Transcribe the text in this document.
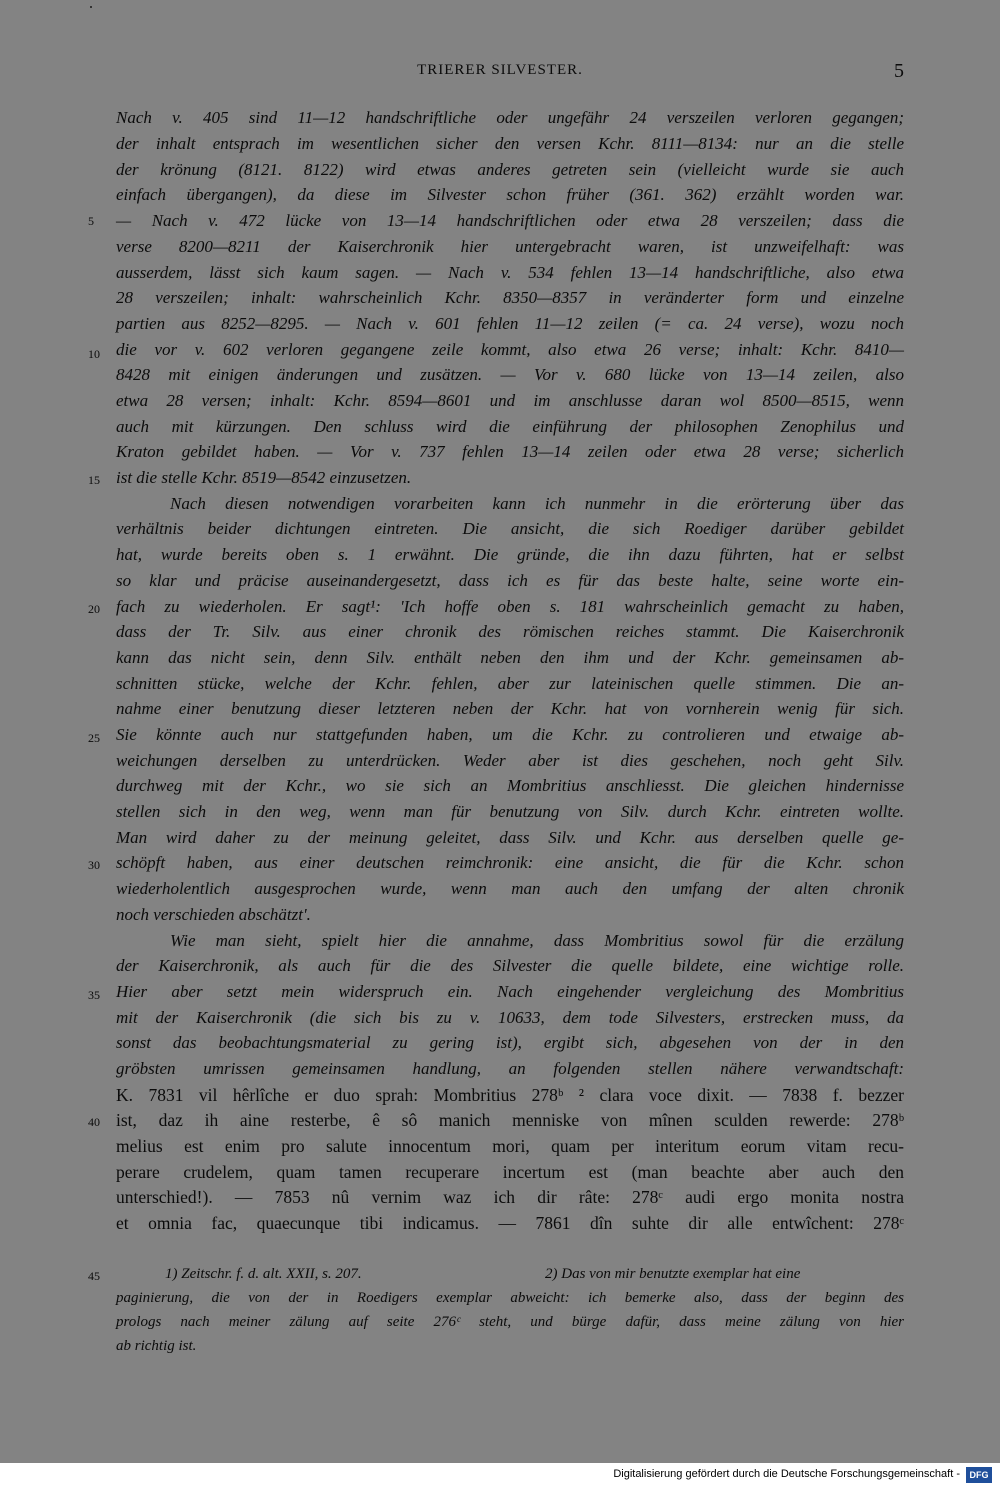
TRIERER SILVESTER.	5
5
10
15
20
25
30
35
40
45
Nach v. 405 sind 11—12 handschriftliche oder ungefähr 24 verszeilen verloren gegangen;
der inhalt entsprach im wesentlichen sicher den versen Kchr. 8111—8134: nur an die stelle
der krönung (8121. 8122) wird etwas anderes getreten sein (vielleicht wurde sie auch
einfach übergangen), da diese im Silvester schon früher (361. 362) erzählt worden war.
— Nach v. 472 lücke von 13—14 handschriftlichen oder etwa 28 verszeilen; dass die
verse 8200—8211 der Kaiserchronik hier untergebracht waren, ist unzweifelhaft: was
ausserdem, lässt sich kaum sagen. — Nach v. 534 fehlen 13—14 handschriftliche, also etwa
28 verszeilen; inhalt: wahrscheinlich Kchr. 8350—8357 in veränderter form und einzelne
partien aus 8252—8295. — Nach v. 601 fehlen 11—12 zeilen (= ca. 24 verse), wozu noch
die vor v. 602 verloren gegangene zeile kommt, also etwa 26 verse; inhalt: Kchr. 8410—
8428 mit einigen änderungen und zusätzen. — Vor v. 680 lücke von 13—14 zeilen, also
etwa 28 versen; inhalt: Kchr. 8594—8601 und im anschlusse daran wol 8500—8515, wenn
auch mit kürzungen. Den schluss wird die einführung der philosophen Zenophilus und
Kraton gebildet haben. — Vor v. 737 fehlen 13—14 zeilen oder etwa 28 verse; sicherlich
ist die stelle Kchr. 8519—8542 einzusetzen.
Nach diesen notwendigen vorarbeiten kann ich nunmehr in die erörterung über das
verhältnis beider dichtungen eintreten. Die ansicht, die sich Roediger darüber gebildet
hat, wurde bereits oben s. 1 erwähnt. Die gründe, die ihn dazu führten, hat er selbst
so klar und präcise auseinandergesetzt, dass ich es für das beste halte, seine worte ein-
fach zu wiederholen. Er sagt¹: 'Ich hoffe oben s. 181 wahrscheinlich gemacht zu haben,
dass der Tr. Silv. aus einer chronik des römischen reiches stammt. Die Kaiserchronik
kann das nicht sein, denn Silv. enthält neben den ihm und der Kchr. gemeinsamen ab-
schnitten stücke, welche der Kchr. fehlen, aber zur lateinischen quelle stimmen. Die an-
nahme einer benutzung dieser letzteren neben der Kchr. hat von vornherein wenig für sich.
Sie könnte auch nur stattgefunden haben, um die Kchr. zu controlieren und etwaige ab-
weichungen derselben zu unterdrücken. Weder aber ist dies geschehen, noch geht Silv.
durchweg mit der Kchr., wo sie sich an Mombritius anschliesst. Die gleichen hindernisse
stellen sich in den weg, wenn man für benutzung von Silv. durch Kchr. eintreten wollte.
Man wird daher zu der meinung geleitet, dass Silv. und Kchr. aus derselben quelle ge-
schöpft haben, aus einer deutschen reimchronik: eine ansicht, die für die Kchr. schon
wiederholentlich ausgesprochen wurde, wenn man auch den umfang der alten chronik
noch verschieden abschätzt'.
Wie man sieht, spielt hier die annahme, dass Mombritius sowol für die erzälung
der Kaiserchronik, als auch für die des Silvester die quelle bildete, eine wichtige rolle.
Hier aber setzt mein widerspruch ein. Nach eingehender vergleichung des Mombritius
mit der Kaiserchronik (die sich bis zu v. 10633, dem tode Silvesters, erstrecken muss, da
sonst das beobachtungsmaterial zu gering ist), ergibt sich, abgesehen von der in den
gröbsten umrissen gemeinsamen handlung, an folgenden stellen nähere verwandtschaft:
K. 7831 vil hêrlîche er duo sprah: Mombritius 278ᵇ ² clara voce dixit. — 7838 f. bezzer
ist, daz ih aine resterbe, ê sô manich menniske von mînen sculden rewerde: 278ᵇ
melius est enim pro salute innocentum mori, quam per interitum eorum vitam recu-
perare crudelem, quam tamen recuperare incertum est (man beachte aber auch den
unterschied!). — 7853 nû vernim waz ich dir râte: 278ᶜ audi ergo monita nostra
et omnia fac, quaecunque tibi indicamus. — 7861 dîn suhte dir alle entwîchent: 278ᶜ
1) Zeitschr. f. d. alt. XXII, s. 207.	2) Das von mir benutzte exemplar hat eine
paginierung, die von der in Roedigers exemplar abweicht: ich bemerke also, dass der beginn des
prologs nach meiner zälung auf seite 276ᶜ steht, und bürge dafür, dass meine zälung von hier
ab richtig ist.
Digitalisierung gefördert durch die Deutsche Forschungsgemeinschaft -	DFG
